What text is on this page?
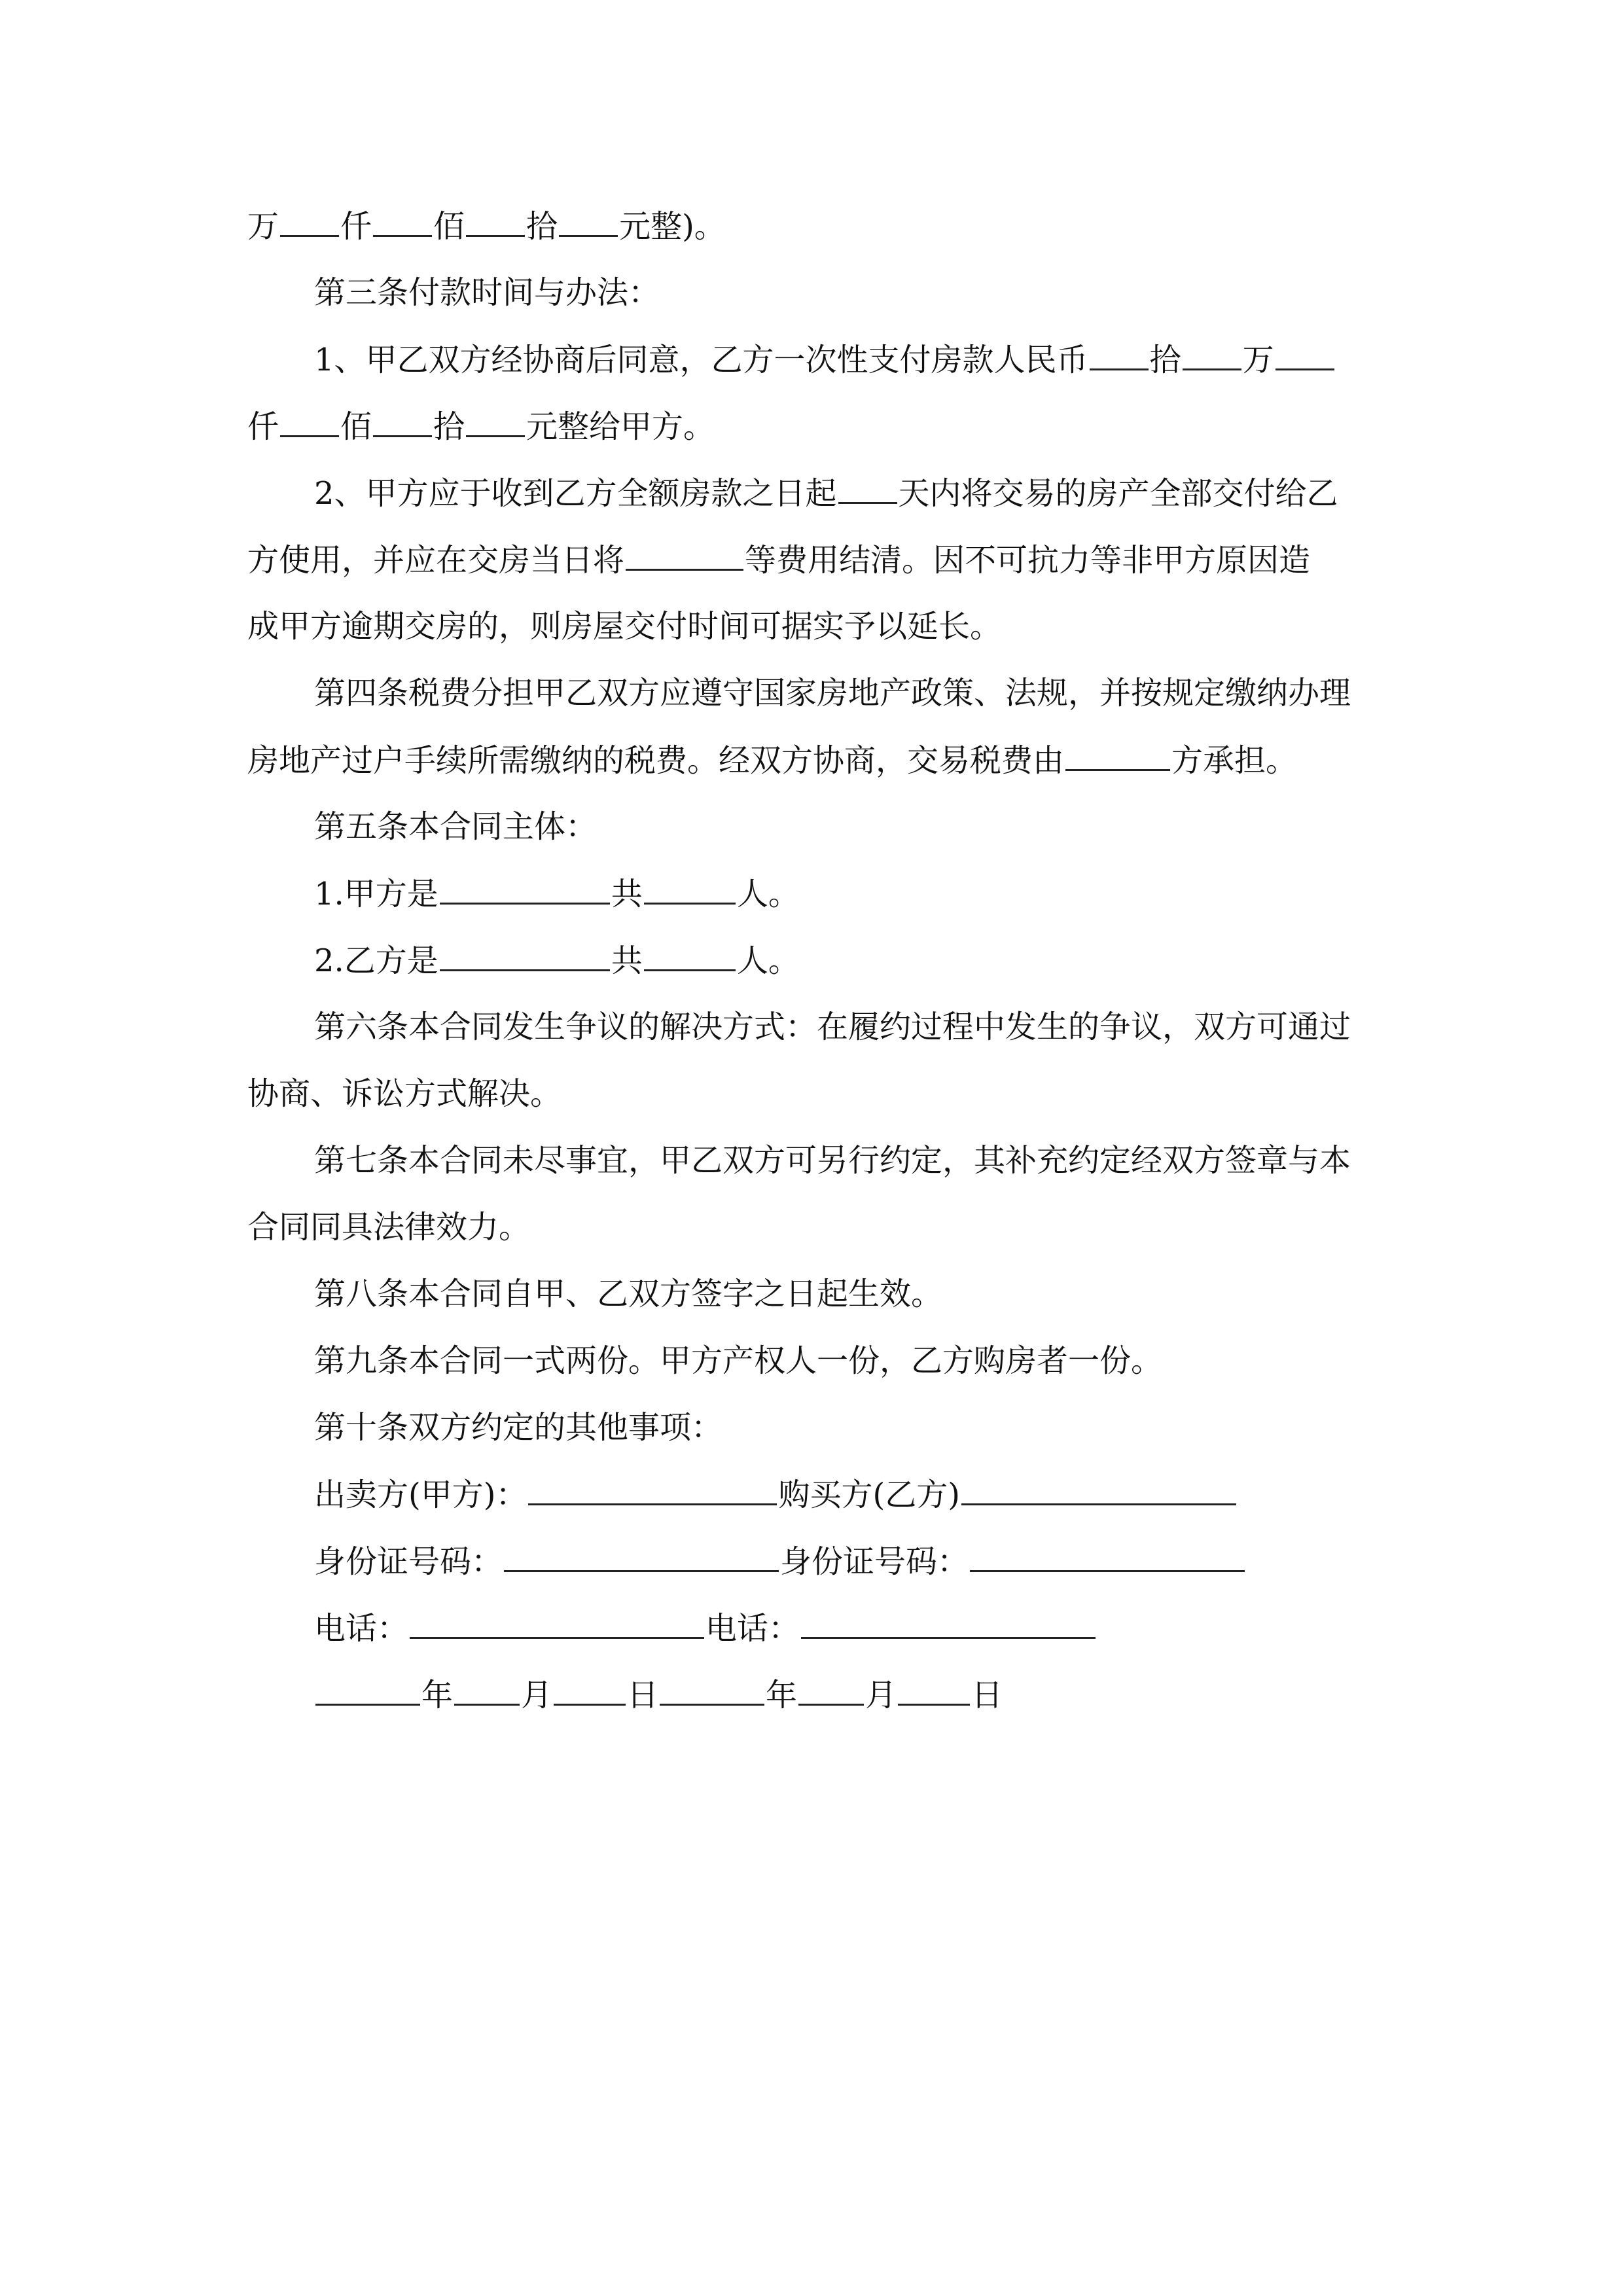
万 仟 佰 拾 元整)。
第三条付款时间与办法：
1、甲乙双方经协商后同意，乙方一次性支付房款人民币 拾 万
仟 佰 拾 元整给甲方。
2、甲方应于收到乙方全额房款之日起 天内将交易的房产全部交付给乙
方使用，并应在交房当日将	等费用结清。因不可抗力等非甲方原因造
成甲方逾期交房的，则房屋交付时间可据实予以延长。
第四条税费分担甲乙双方应遵守国家房地产政策、法规，并按规定缴纳办理
房地产过户手续所需缴纳的税费。经双方协商，交易税费由	方承担。
第五条本合同主体：
1.甲方是	共	人。
2.乙方是	共	人。
第六条本合同发生争议的解决方式：在履约过程中发生的争议，双方可通过
协商、诉讼方式解决。
第七条本合同未尽事宜，甲乙双方可另行约定，其补充约定经双方签章与本
合同同具法律效力。
第八条本合同自甲、乙双方签字之日起生效。
第九条本合同一式两份。甲方产权人一份，乙方购房者一份。
第十条双方约定的其他事项：
出卖方(甲方)：	购买方(乙方)
身份证号码：	身份证号码：
电话：	电话：
年 月 日	年 月 日
